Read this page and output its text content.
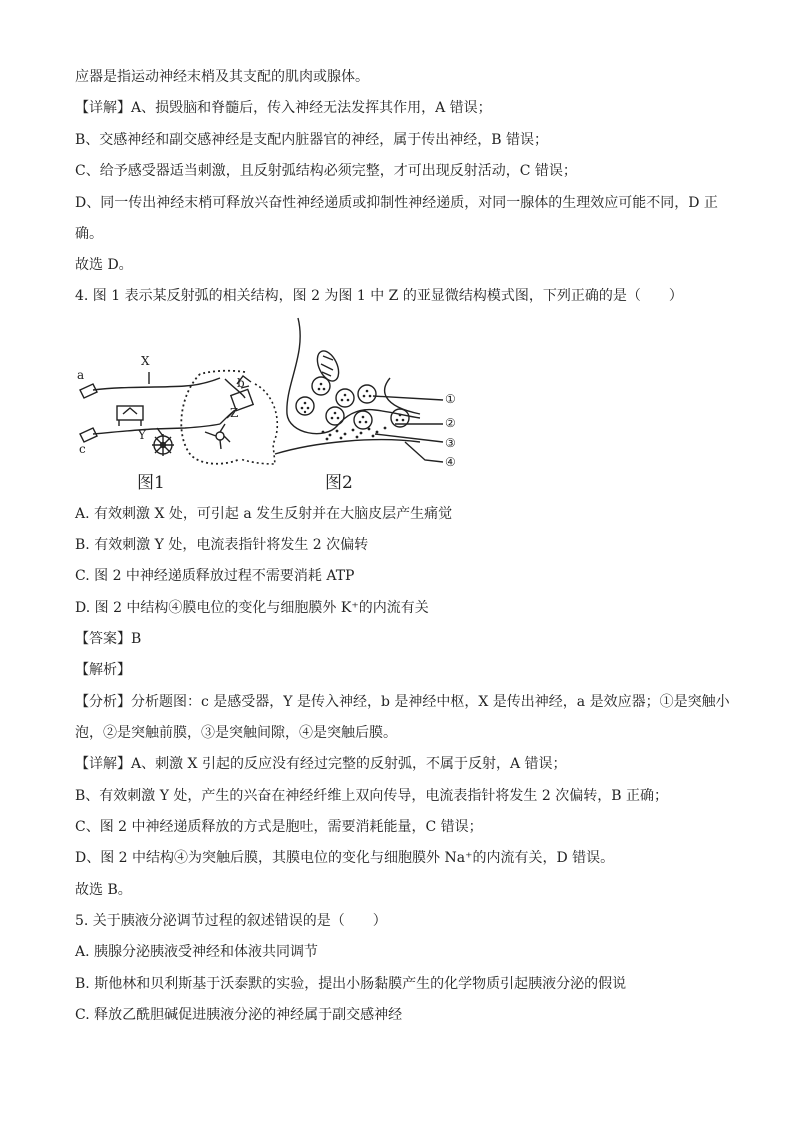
应器是指运动神经末梢及其支配的肌肉或腺体。
【详解】A、损毁脑和脊髓后，传入神经无法发挥其作用，A 错误；
B、交感神经和副交感神经是支配内脏器官的神经，属于传出神经，B 错误；
C、给予感受器适当刺激，且反射弧结构必须完整，才可出现反射活动，C 错误；
D、同一传出神经末梢可释放兴奋性神经递质或抑制性神经递质，对同一腺体的生理效应可能不同，D 正
确。
故选 D。
4. 图 1 表示某反射弧的相关结构，图 2 为图 1 中 Z 的亚显微结构模式图，下列正确的是（　　）
a
X
b
Z
Y
c
图1
①
②
③
④
图2
A. 有效刺激 X 处，可引起 a 发生反射并在大脑皮层产生痛觉
B. 有效刺激 Y 处，电流表指针将发生 2 次偏转
C. 图 2 中神经递质释放过程不需要消耗 ATP
D. 图 2 中结构④膜电位的变化与细胞膜外 K⁺的内流有关
【答案】B
【解析】
【分析】分析题图：c 是感受器，Y 是传入神经，b 是神经中枢，X 是传出神经，a 是效应器；①是突触小
泡，②是突触前膜，③是突触间隙，④是突触后膜。
【详解】A、刺激 X 引起的反应没有经过完整的反射弧，不属于反射，A 错误；
B、有效刺激 Y 处，产生的兴奋在神经纤维上双向传导，电流表指针将发生 2 次偏转，B 正确；
C、图 2 中神经递质释放的方式是胞吐，需要消耗能量，C 错误；
D、图 2 中结构④为突触后膜，其膜电位的变化与细胞膜外 Na⁺的内流有关，D 错误。
故选 B。
5. 关于胰液分泌调节过程的叙述错误的是（　　）
A. 胰腺分泌胰液受神经和体液共同调节
B. 斯他林和贝利斯基于沃泰默的实验，提出小肠黏膜产生的化学物质引起胰液分泌的假说
C. 释放乙酰胆碱促进胰液分泌的神经属于副交感神经
